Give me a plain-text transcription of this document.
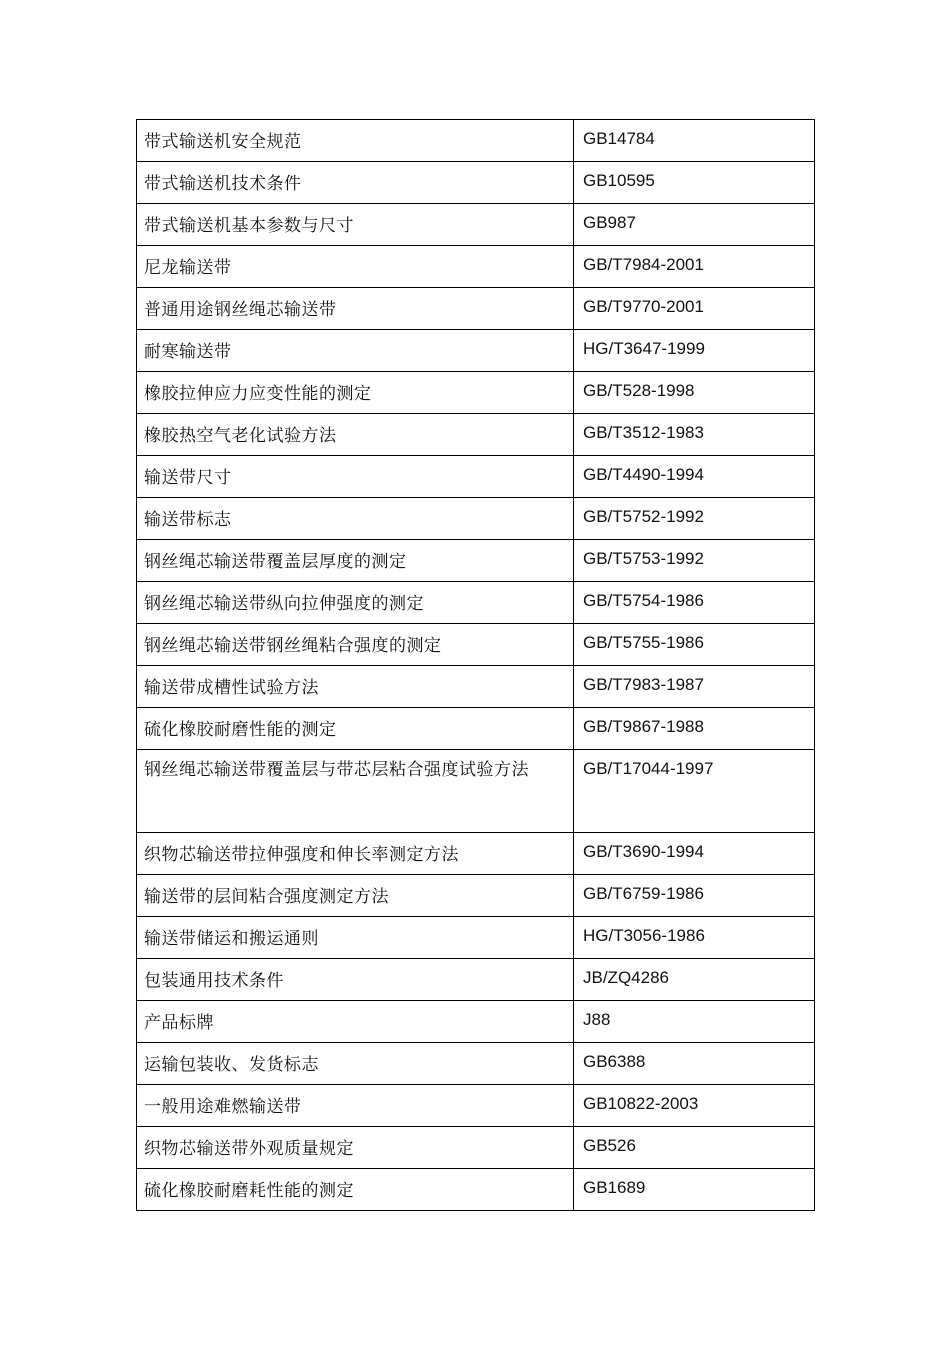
带式输送机安全规范	GB14784
带式输送机技术条件	GB10595
带式输送机基本参数与尺寸	GB987
尼龙输送带	GB/T7984-2001
普通用途钢丝绳芯输送带	GB/T9770-2001
耐寒输送带	HG/T3647-1999
橡胶拉伸应力应变性能的测定	GB/T528-1998
橡胶热空气老化试验方法	GB/T3512-1983
输送带尺寸	GB/T4490-1994
输送带标志	GB/T5752-1992
钢丝绳芯输送带覆盖层厚度的测定	GB/T5753-1992
钢丝绳芯输送带纵向拉伸强度的测定	GB/T5754-1986
钢丝绳芯输送带钢丝绳粘合强度的测定	GB/T5755-1986
输送带成槽性试验方法	GB/T7983-1987
硫化橡胶耐磨性能的测定	GB/T9867-1988
钢丝绳芯输送带覆盖层与带芯层粘合强度试验方法	GB/T17044-1997
织物芯输送带拉伸强度和伸长率测定方法	GB/T3690-1994
输送带的层间粘合强度测定方法	GB/T6759-1986
输送带储运和搬运通则	HG/T3056-1986
包装通用技术条件	JB/ZQ4286
产品标牌	J88
运输包装收、发货标志	GB6388
一般用途难燃输送带	GB10822-2003
织物芯输送带外观质量规定	GB526
硫化橡胶耐磨耗性能的测定	GB1689
